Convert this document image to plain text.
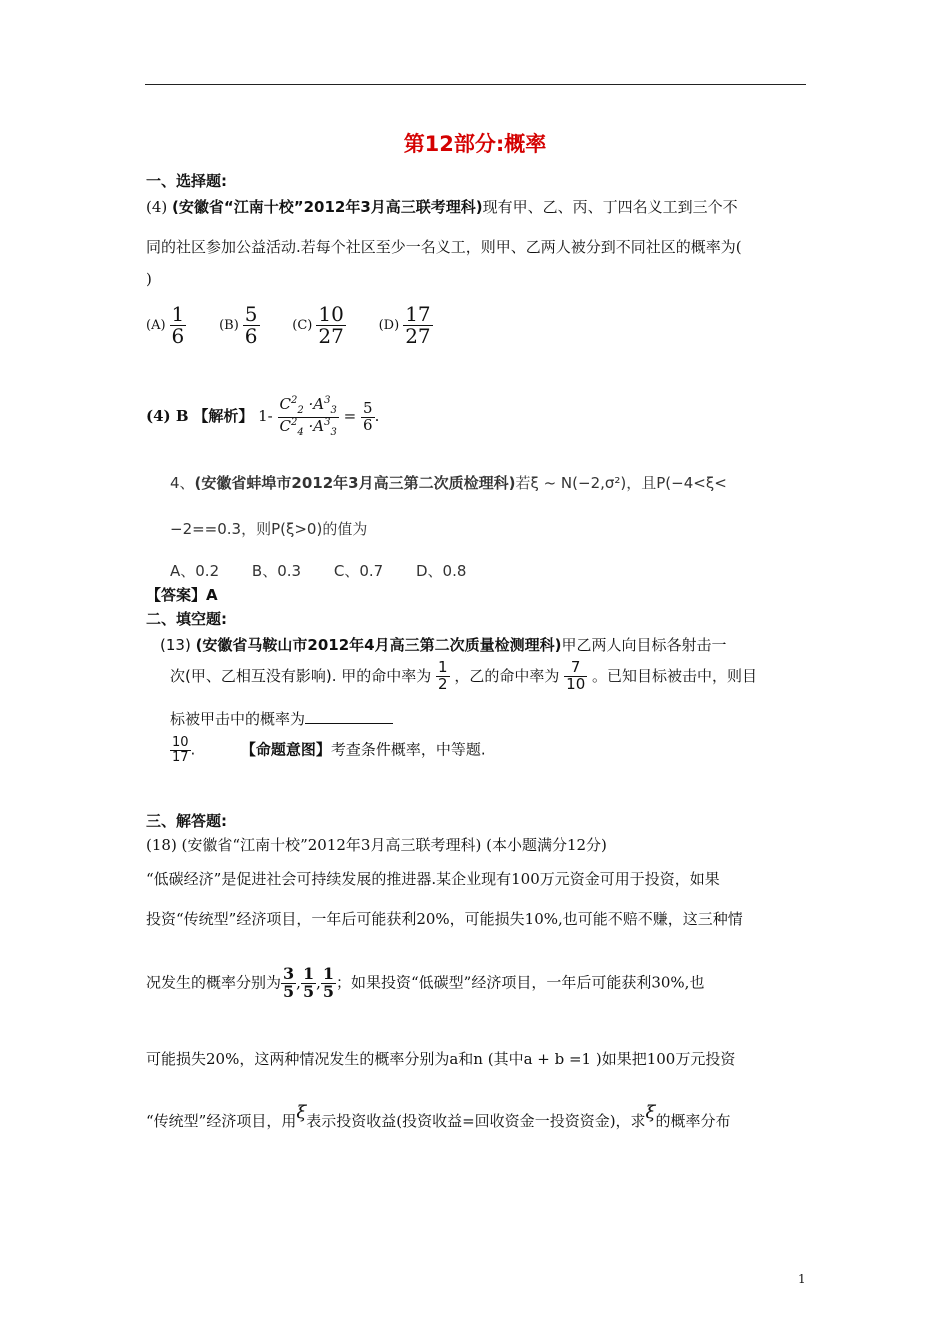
第12部分:概率
一、选择题:
(4) (安徽省“江南十校”2012年3月高三联考理科)现有甲、乙、丙、丁四名义工到三个不
同的社区参加公益活动.若每个社区至少一名义工，则甲、乙两人被分到不同社区的概率为(
)
$(A) \frac{1}{6}$	$(B) \frac{5}{6}$	$(C) \frac{10}{27}$	$(D) \frac{17}{27}$
(4) B 【解析】 $1- \frac{C^2_2 \cdot A^3_3}{C^2_4 \cdot A^3_3} = \frac{5}{6}$ .
4、(安徽省蚌埠市2012年3月高三第二次质检理科)若ξ ~ N(−2,σ²)，且P(−4<ξ<
−2==0.3，则P(ξ>0)的值为
A、0.2 B、0.3 C、0.7 D、0.8
【答案】A
二、填空题:
(13) (安徽省马鞍山市2012年4月高三第二次质量检测理科)甲乙两人向目标各射击一
次(甲、乙相互没有影响). 甲的命中率为 $\frac{1}{2}$ ，乙的命中率为 $\frac{7}{10}$ 。已知目标被击中，则目
标被甲击中的概率为
$\frac{10}{17}$ .	【命题意图】考查条件概率，中等题.
三、解答题:
(18) (安徽省“江南十校”2012年3月高三联考理科) (本小题满分12分)
“低碳经济”是促进社会可持续发展的推进器.某企业现有100万元资金可用于投资，如果
投资“传统型”经济项目，一年后可能获利20%，可能损失10%,也可能不赔不赚，这三种情
况发生的概率分别为 $\frac{3}{5}$ , $\frac{1}{5}$ , $\frac{1}{5}$ ；如果投资“低碳型”经济项目，一年后可能获利30%,也
可能损失20%，这两种情况发生的概率分别为a和n (其中a + b =1 )如果把100万元投资
“传统型”经济项目，用ξ表示投资收益(投资收益=回收资金一投资资金)，求ξ的概率分布
1
